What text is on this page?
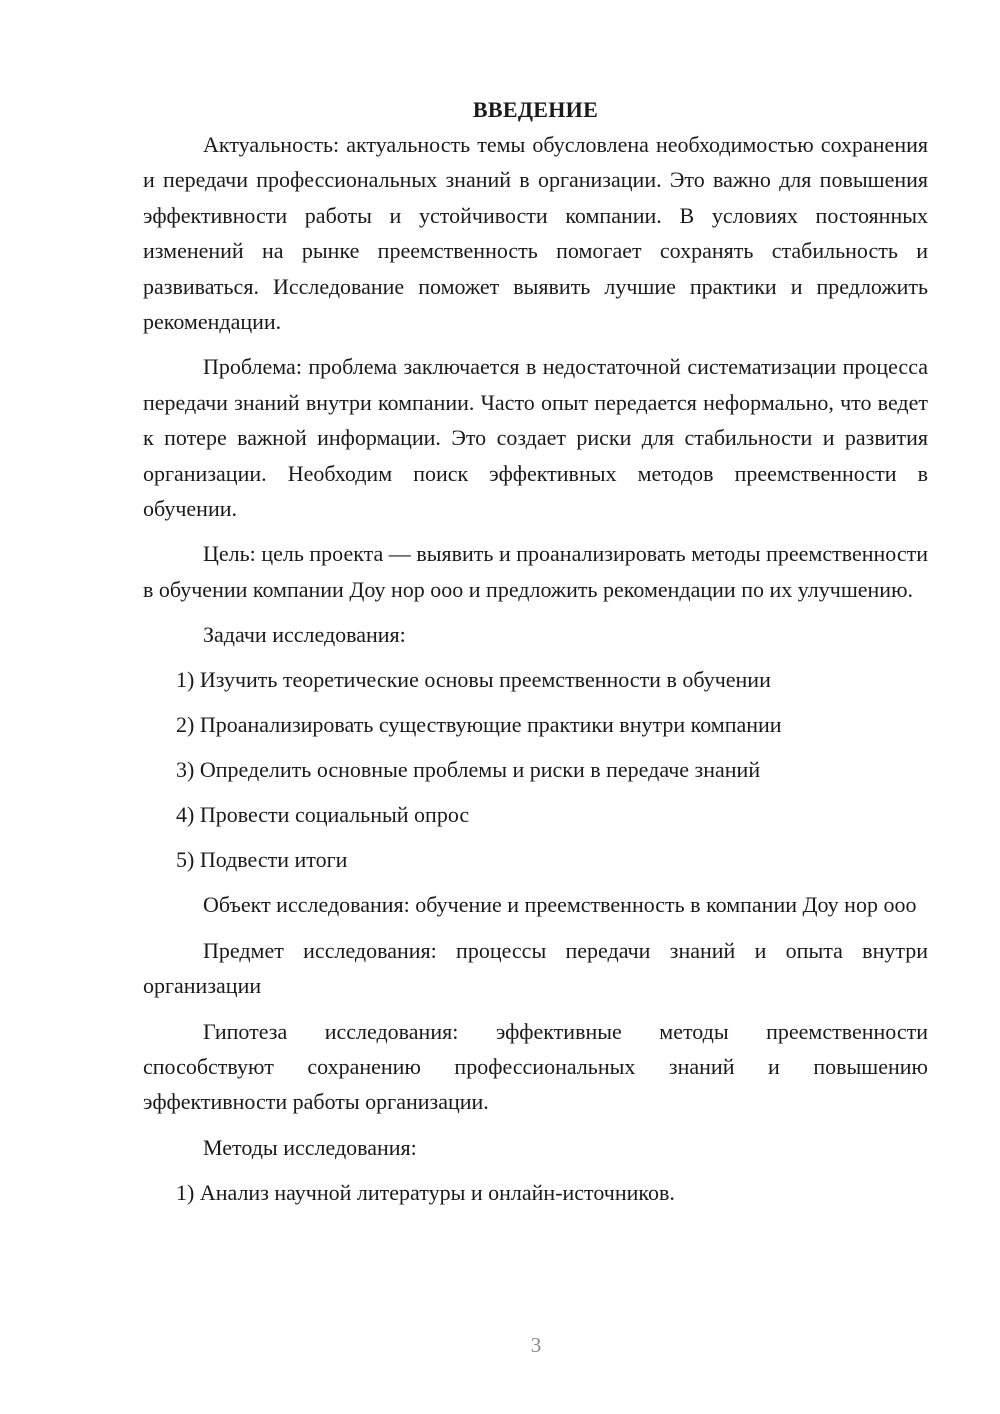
ВВЕДЕНИЕ

Актуальность: актуальность темы обусловлена необходимостью сохранения и передачи профессиональных знаний в организации. Это важно для повышения эффективности работы и устойчивости компании. В условиях постоянных изменений на рынке преемственность помогает сохранять стабильность и развиваться. Исследование поможет выявить лучшие практики и предложить рекомендации.

Проблема: проблема заключается в недостаточной систематизации процесса передачи знаний внутри компании. Часто опыт передается неформально, что ведет к потере важной информации. Это создает риски для стабильности и развития организации. Необходим поиск эффективных методов преемственности в обучении.

Цель: цель проекта — выявить и проанализировать методы преемственности в обучении компании Доу нор ооо и предложить рекомендации по их улучшению.

Задачи исследования:
1) Изучить теоретические основы преемственности в обучении
2) Проанализировать существующие практики внутри компании
3) Определить основные проблемы и риски в передаче знаний
4) Провести социальный опрос
5) Подвести итоги

Объект исследования: обучение и преемственность в компании Доу нор ооо

Предмет исследования: процессы передачи знаний и опыта внутри организации

Гипотеза исследования: эффективные методы преемственности способствуют сохранению профессиональных знаний и повышению эффективности работы организации.

Методы исследования:
1) Анализ научной литературы и онлайн-источников.
3
